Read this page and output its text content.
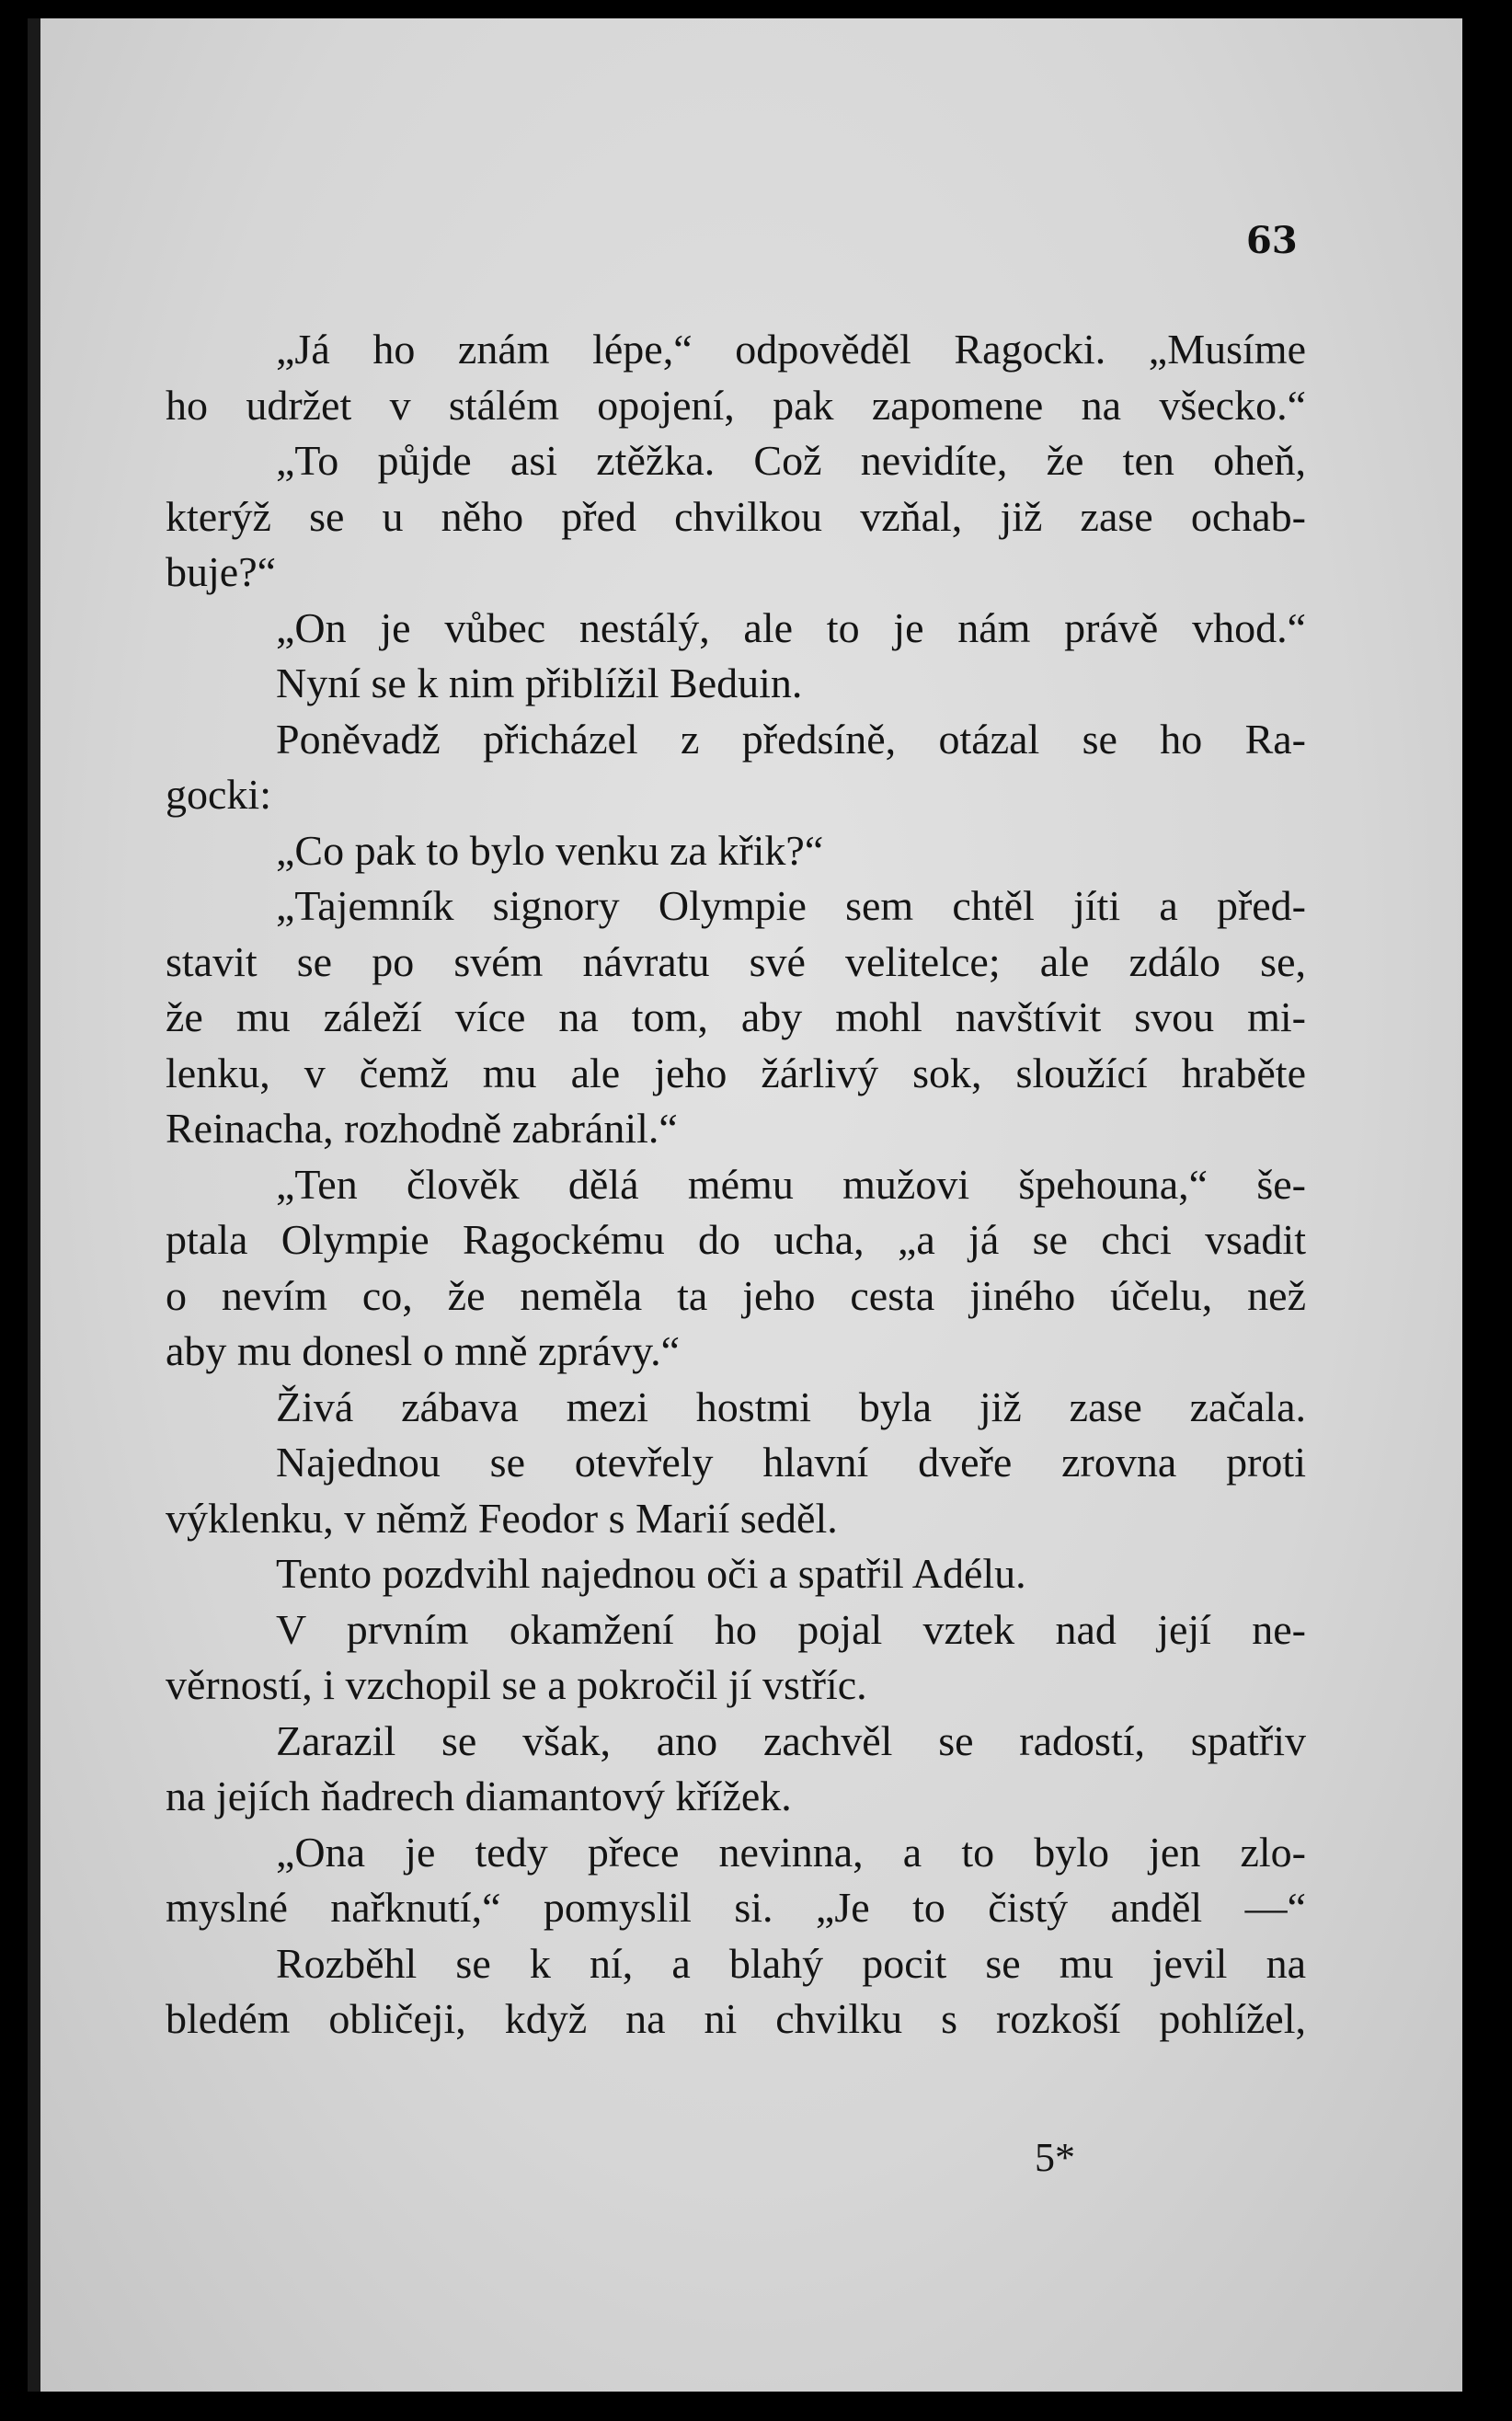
63
„Já ho znám lépe,“ odpověděl Ragocki. „Musíme
ho udržet v stálém opojení, pak zapomene na všecko.“
„To půjde asi ztěžka. Což nevidíte, že ten oheň,
kterýž se u něho před chvilkou vzňal, již zase ochab-
buje?“
„On je vůbec nestálý, ale to je nám právě vhod.“
Nyní se k nim přiblížil Beduin.
Poněvadž přicházel z předsíně, otázal se ho Ra-
gocki:
„Co pak to bylo venku za křik?“
„Tajemník signory Olympie sem chtěl jíti a před-
stavit se po svém návratu své velitelce; ale zdálo se,
že mu záleží více na tom, aby mohl navštívit svou mi-
lenku, v čemž mu ale jeho žárlivý sok, sloužící hraběte
Reinacha, rozhodně zabránil.“
„Ten člověk dělá mému mužovi špehouna,“ še-
ptala Olympie Ragockému do ucha, „a já se chci vsadit
o nevím co, že neměla ta jeho cesta jiného účelu, než
aby mu donesl o mně zprávy.“
Živá zábava mezi hostmi byla již zase začala.
Najednou se otevřely hlavní dveře zrovna proti
výklenku, v němž Feodor s Marií seděl.
Tento pozdvihl najednou oči a spatřil Adélu.
V prvním okamžení ho pojal vztek nad její ne-
věrností, i vzchopil se a pokročil jí vstříc.
Zarazil se však, ano zachvěl se radostí, spatřiv
na jejích ňadrech diamantový křížek.
„Ona je tedy přece nevinna, a to bylo jen zlo-
myslné nařknutí,“ pomyslil si. „Je to čistý anděl —“
Rozběhl se k ní, a blahý pocit se mu jevil na
bledém obličeji, když na ni chvilku s rozkoší pohlížel,
5*
